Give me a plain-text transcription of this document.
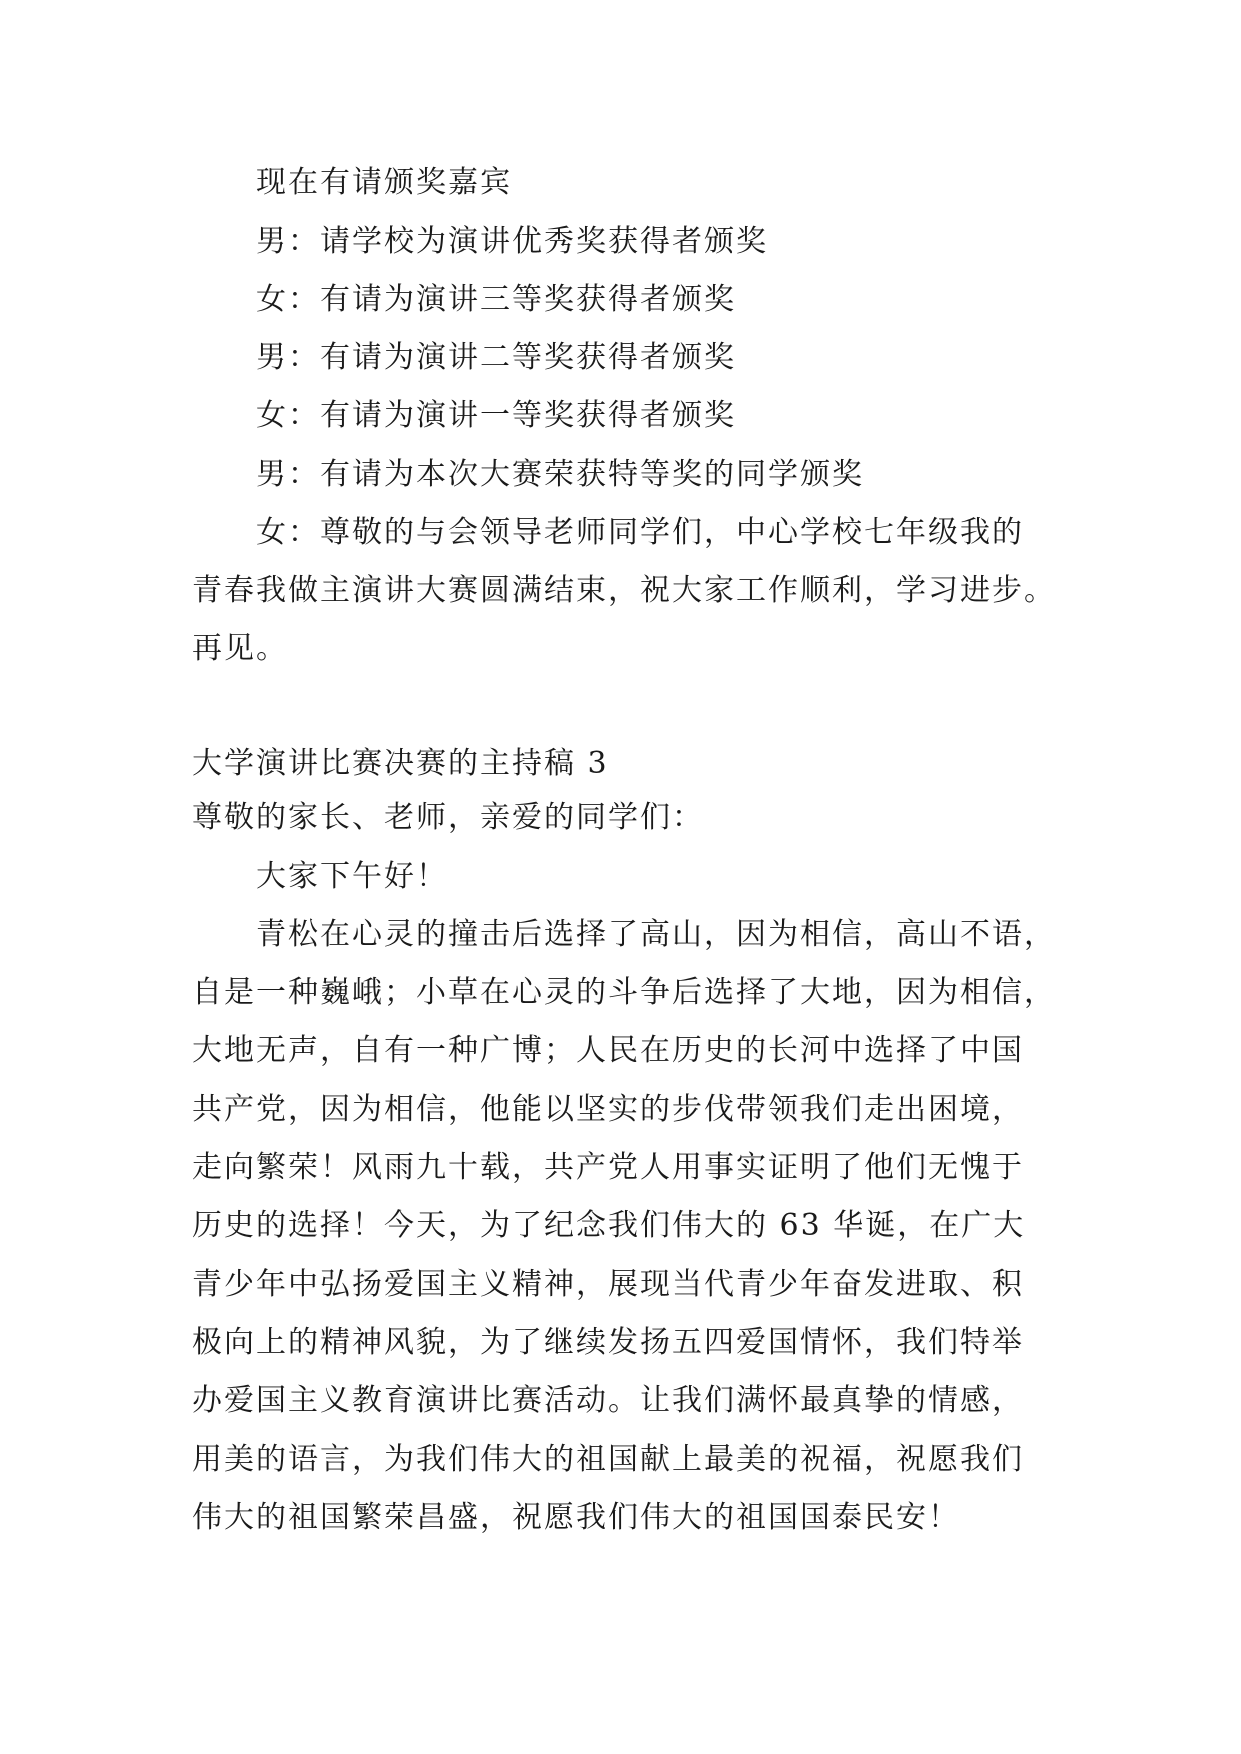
现在有请颁奖嘉宾
男：请学校为演讲优秀奖获得者颁奖
女：有请为演讲三等奖获得者颁奖
男：有请为演讲二等奖获得者颁奖
女：有请为演讲一等奖获得者颁奖
男：有请为本次大赛荣获特等奖的同学颁奖
女：尊敬的与会领导老师同学们，中心学校七年级我的
青春我做主演讲大赛圆满结束，祝大家工作顺利，学习进步。
再见。
大学演讲比赛决赛的主持稿 3
尊敬的家长、老师，亲爱的同学们：
大家下午好！
青松在心灵的撞击后选择了高山，因为相信，高山不语，
自是一种巍峨；小草在心灵的斗争后选择了大地，因为相信，
大地无声，自有一种广博；人民在历史的长河中选择了中国
共产党，因为相信，他能以坚实的步伐带领我们走出困境，
走向繁荣！风雨九十载，共产党人用事实证明了他们无愧于
历史的选择！今天，为了纪念我们伟大的 63 华诞，在广大
青少年中弘扬爱国主义精神，展现当代青少年奋发进取、积
极向上的精神风貌，为了继续发扬五四爱国情怀，我们特举
办爱国主义教育演讲比赛活动。让我们满怀最真挚的情感，
用美的语言，为我们伟大的祖国献上最美的祝福，祝愿我们
伟大的祖国繁荣昌盛，祝愿我们伟大的祖国国泰民安！
